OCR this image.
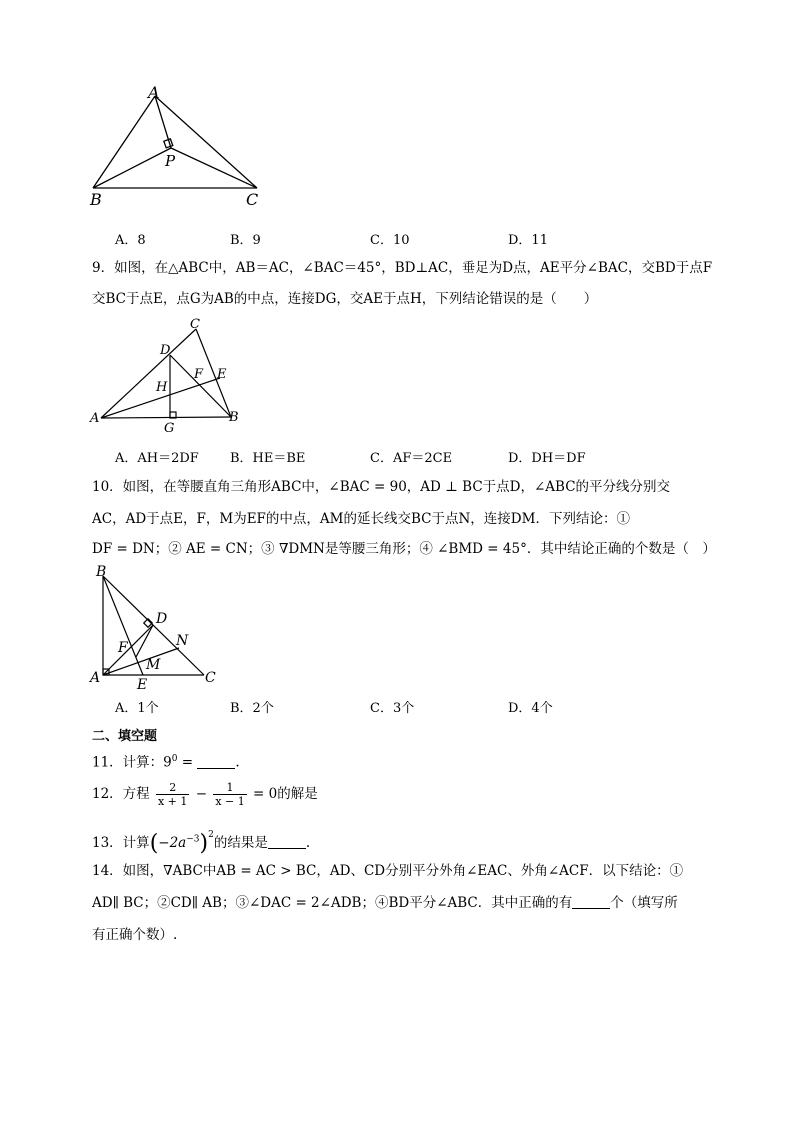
A
B	C
P
A．8	B．9	C．10	D．11
9．如图，在△ABC中，AB＝AC，∠BAC＝45°，BD⊥AC，垂足为D点，AE平分∠BAC，交BD于点F
交BC于点E，点G为AB的中点，连接DG，交AE于点H，下列结论错误的是（　　）
C
D
H
F E
A	B
G
A．AH＝2DF B．HE＝BE	C．AF＝2CE	D．DH＝DF
10．如图，在等腰直角三角形ABC中，∠BAC = 90，AD ⊥ BC于点D，∠ABC的平分线分别交
AC，AD于点E，F，M为EF的中点，AM的延长线交BC于点N，连接DM．下列结论：①
DF = DN；② AE = CN；③ ∇DMN是等腰三角形；④ ∠BMD = 45°．其中结论正确的个数是（　）
B
D
N
F
M
A	E	C
A．1个	B．2个	C．3个	D．4个
二、填空题
11．计算：$9^0$ =	.
12．方程 $\frac{2}{x + 1} - \frac{1}{x - 1} = 0$的解是
13．计算$(-2a^{-3})^2$的结果是	.
14．如图，∇ABC中AB = AC > BC，AD、CD分别平分外角∠EAC、外角∠ACF．以下结论：①
AD∥ BC；②CD∥ AB；③∠DAC = 2∠ADB；④BD平分∠ABC．其中正确的有	个（填写所
有正确个数）.
